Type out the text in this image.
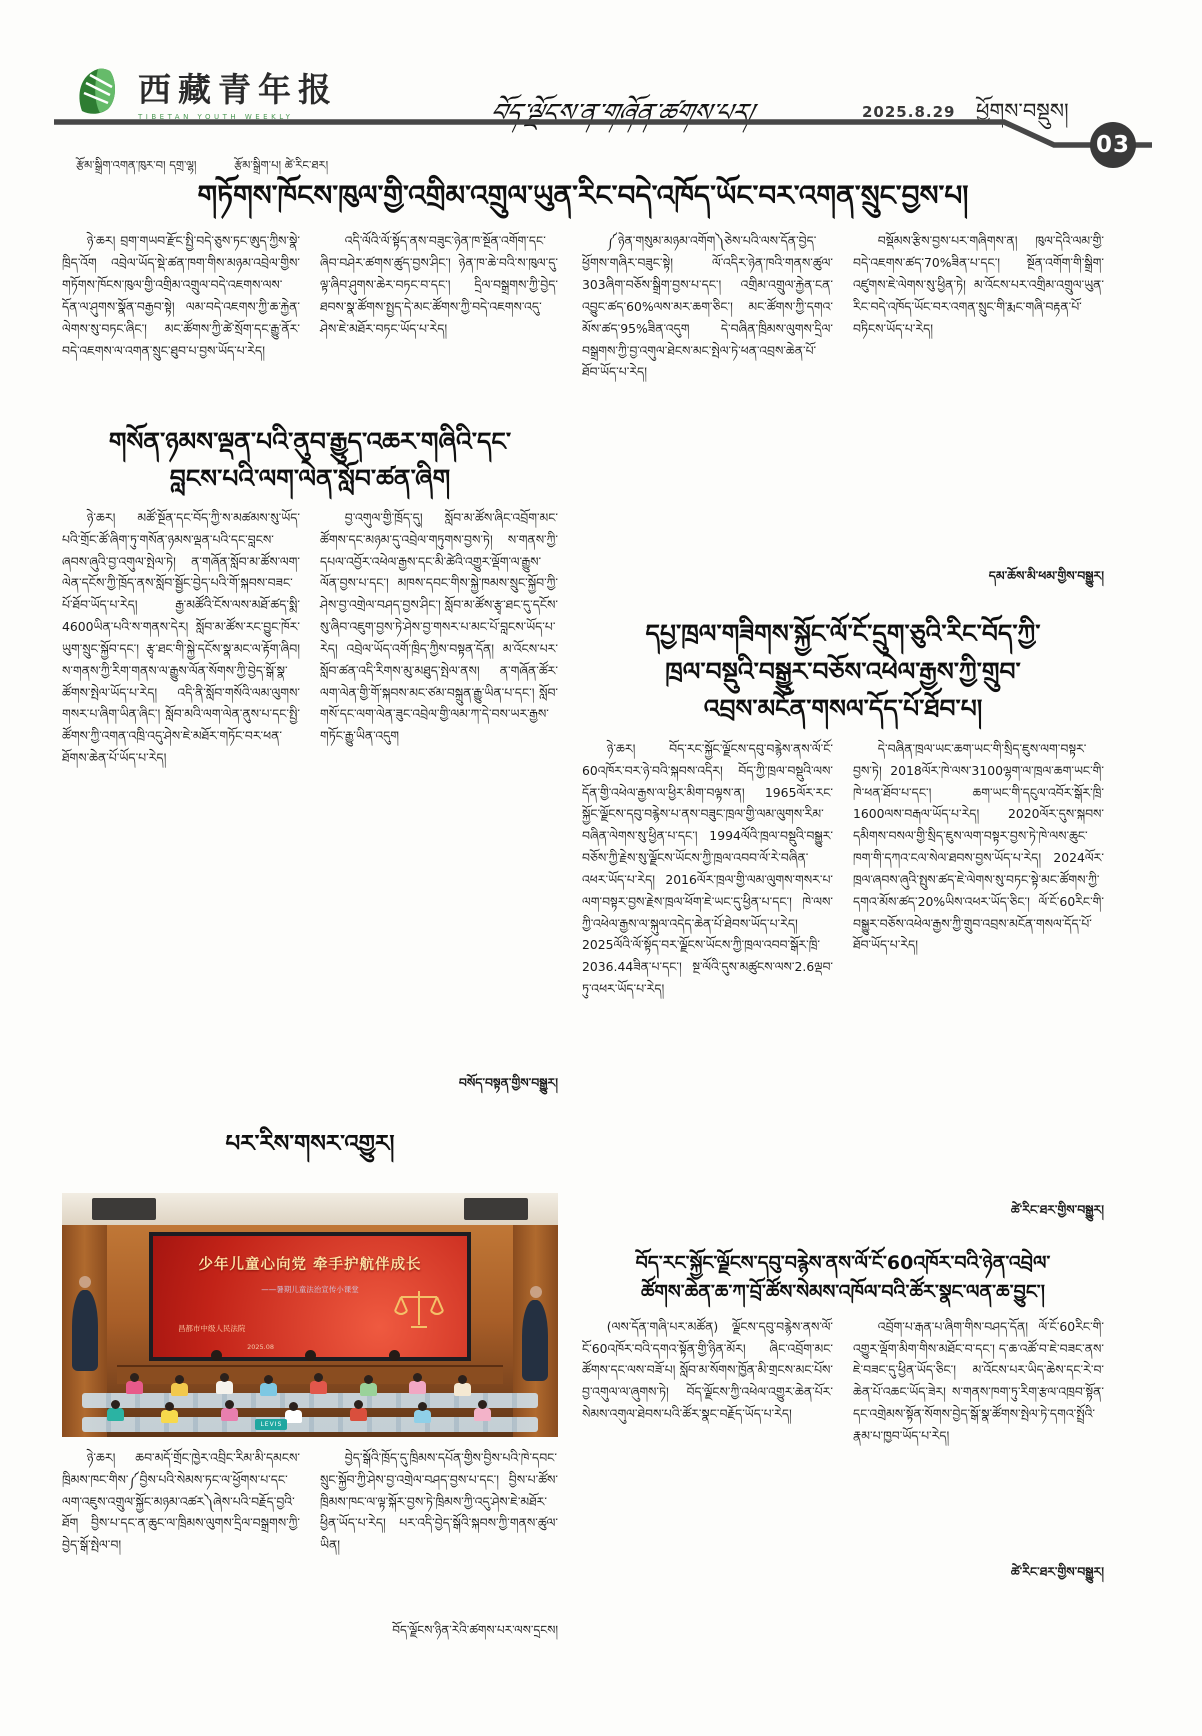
西藏青年报
TIBETAN YOUTH WEEKLY	བོད་ལྗོངས་ན་གཞོན་ཚགས་པར།	2025.8.29 ཕྱོགས་བསྡུས།
03
རྩོམ་སྒྲིག་འགན་ཁུར་བ། དགྲ་ལྷ།	རྩོམ་སྒྲིག་པ། ཚེ་རིང་ཐར།
གཏོགས་ཁོངས་ཁུལ་གྱི་འགྲིམ་འགྲུལ་ཡུན་རིང་བདེ་འཁོད་ཡོང་བར་འགན་སྲུང་བྱས་པ།

ཉེ་ཆར། བྲག་གཡབ་རྫོང་སྤྱི་བདེ་ཅུས་ཏང་ཨུད་ཀྱིས་སྣེ་ཁྲིད་འོག འབྲེལ་ཡོད་སྡེ་ཚན་ཁག་གིས་མཉམ་འབྲེལ་གྱིས་གཏོགས་ཁོངས་ཁུལ་གྱི་འགྲིམ་འགྲུལ་བདེ་འཇགས་ལས་དོན་ལ་ཤུགས་སྣོན་བརྒྱབ་སྟེ། ལམ་བདེ་འཇགས་ཀྱི་ཆ་རྐྱེན་ལེགས་སུ་བཏང་ཞིང་། མང་ཚོགས་ཀྱི་ཚེ་སྲོག་དང་རྒྱུ་ནོར་བདེ་འཇགས་ལ་འགན་སྲུང་ཐུབ་པ་བྱས་ཡོད་པ་རེད།

འདི་ལོའི་ལོ་སྟོད་ནས་བཟུང་ཉེན་ཁ་སྔོན་འགོག་དང་ཞིབ་བཤེར་ཚགས་ཚུད་བྱས་ཤིང་། ཉེན་ཁ་ཆེ་བའི་ས་ཁུལ་དུ་ལྟ་ཞིབ་ཤུགས་ཆེར་བཏང་བ་དང་། དྲིལ་བསྒྲགས་ཀྱི་བྱེད་ཐབས་སྣ་ཚོགས་སྤྱད་དེ་མང་ཚོགས་ཀྱི་བདེ་འཇགས་འདུ་ཤེས་ཇེ་མཐོར་བཏང་ཡོད་པ་རེད།

གསོན་ཉམས་ལྡན་པའི་ནུབ་རྒྱུད་འཆར་གཞིའི་དང་
བླངས་པའི་ལག་ལེན་སློབ་ཚན་ཞིག

ཉེ་ཆར། མཚོ་སྔོན་དང་བོད་ཀྱི་ས་མཚམས་སུ་ཡོད་པའི་གྲོང་ཚོ་ཞིག་ཏུ་གསོན་ཉམས་ལྡན་པའི་དང་བླངས་ཞབས་ཞུའི་བྱ་འགུལ་སྤེལ་ཏེ། ན་གཞོན་སློབ་མ་ཚོས་ལག་ལེན་དངོས་ཀྱི་ཁྲོད་ནས་སློབ་སྦྱོང་བྱེད་པའི་གོ་སྐབས་བཟང་པོ་ཐོབ་ཡོད་པ་རེད། རྒྱ་མཚོའི་ངོས་ལས་མཐོ་ཚད་སྨི་4600ཡིན་པའི་ས་གནས་དེར། སློབ་མ་ཚོས་རང་བྱུང་ཁོར་ཡུག་སྲུང་སྐྱོབ་དང་། རྩྭ་ཐང་གི་སྐྱེ་དངོས་སྣ་མང་ལ་རྟོག་ཞིབ། ས་གནས་ཀྱི་རིག་གནས་ལ་རྒྱུས་ལོན་སོགས་ཀྱི་བྱེད་སྒོ་སྣ་ཚོགས་སྤེལ་ཡོད་པ་རེད། འདི་ནི་སློབ་གསོའི་ལམ་ལུགས་གསར་པ་ཞིག་ཡིན་ཞིང་། སློབ་མའི་ལག་ལེན་ནུས་པ་དང་སྤྱི་ཚོགས་ཀྱི་འགན་འཁྲི་འདུ་ཤེས་ཇེ་མཐོར་གཏོང་བར་ཕན་ཐོགས་ཆེན་པོ་ཡོད་པ་རེད།

བྱ་འགུལ་གྱི་ཁྲོད་དུ། སློབ་མ་ཚོས་ཞིང་འབྲོག་མང་ཚོགས་དང་མཉམ་དུ་འབྲེལ་གཏུགས་བྱས་ཏེ། ས་གནས་ཀྱི་དཔལ་འབྱོར་འཕེལ་རྒྱས་དང་མི་ཚེའི་འགྱུར་ལྡོག་ལ་རྒྱུས་ལོན་བྱས་པ་དང་། མཁས་དབང་གིས་སྐྱེ་ཁམས་སྲུང་སྐྱོབ་ཀྱི་ཤེས་བྱ་འགྲེལ་བཤད་བྱས་ཤིང་། སློབ་མ་ཚོས་རྩྭ་ཐང་དུ་དངོས་སུ་ཞིབ་འཇུག་བྱས་ཏེ་ཤེས་བྱ་གསར་པ་མང་པོ་བླངས་ཡོད་པ་རེད། འབྲེལ་ཡོད་འགོ་ཁྲིད་ཀྱིས་བསྟན་དོན། མ་འོངས་པར་སློབ་ཚན་འདི་རིགས་མུ་མཐུད་སྤེལ་ནས། ན་གཞོན་ཚོར་ལག་ལེན་གྱི་གོ་སྐབས་མང་ཙམ་བསྐྲུན་རྒྱུ་ཡིན་པ་དང་། སློབ་གསོ་དང་ལག་ལེན་ཟུང་འབྲེལ་གྱི་ལམ་ཀ་དེ་བས་ཡར་རྒྱས་གཏོང་རྒྱུ་ཡིན་འདུག

བསོད་བསྟན་གྱིས་བསྒྱུར།
པར་རིས་གསར་འགྱུར།
少年儿童心向党 牵手护航伴成长
——暑期儿童法治宣传小课堂
昌都市中级人民法院
2025.08
LEVIS

ཉེ་ཆར། ཆབ་མདོ་གྲོང་ཁྱེར་འབྲིང་རིམ་མི་དམངས་ཁྲིམས་ཁང་གིས་༼བྱིས་པའི་སེམས་ཏང་ལ་ཕྱོགས་པ་དང་ལག་འཇུས་འགྲུལ་སྐྱོང་མཉམ་འཚར༽ཞེས་པའི་བརྗོད་བྱའི་ཐོག བྱིས་པ་དང་ན་ཆུང་ལ་ཁྲིམས་ལུགས་དྲིལ་བསྒྲགས་ཀྱི་བྱེད་སྒོ་སྤེལ་བ།

བྱེད་སྒོའི་ཁྲོད་དུ་ཁྲིམས་དཔོན་གྱིས་བྱིས་པའི་ཁེ་དབང་སྲུང་སྐྱོབ་ཀྱི་ཤེས་བྱ་འགྲེལ་བཤད་བྱས་པ་དང་། བྱིས་པ་ཚོས་ཁྲིམས་ཁང་ལ་ལྟ་སྐོར་བྱས་ཏེ་ཁྲིམས་ཀྱི་འདུ་ཤེས་ཇེ་མཐོར་ཕྱིན་ཡོད་པ་རེད། པར་འདི་བྱེད་སྒོའི་སྐབས་ཀྱི་གནས་ཚུལ་ཡིན།

བོད་ལྗོངས་ཉིན་རེའི་ཚགས་པར་ལས་དྲངས།

༼ཉེན་གསུམ་མཉམ་འགོག༽ཅེས་པའི་ལས་དོན་བྱེད་ཕྱོགས་གཞིར་བཟུང་སྟེ། ལོ་འདིར་ཉེན་ཁའི་གནས་ཚུལ་303ཞིག་བཅོས་སྒྲིག་བྱས་པ་དང་། འགྲིམ་འགྲུལ་རྐྱེན་ངན་འབྱུང་ཚད་60%ལས་མར་ཆག་ཅིང་། མང་ཚོགས་ཀྱི་དགའ་མོས་ཚད་95%ཟིན་འདུག དེ་བཞིན་ཁྲིམས་ལུགས་དྲིལ་བསྒྲགས་ཀྱི་བྱ་འགུལ་ཐེངས་མང་སྤེལ་ཏེ་ཕན་འབྲས་ཆེན་པོ་ཐོབ་ཡོད་པ་རེད།

བསྡོམས་རྩིས་བྱས་པར་གཞིགས་ན། ཁུལ་དེའི་ལམ་གྱི་བདེ་འཇགས་ཚད་70%ཟིན་པ་དང་། སྔོན་འགོག་གི་སྒྲིག་འཛུགས་ཇེ་ལེགས་སུ་ཕྱིན་ཏེ། མ་འོངས་པར་འགྲིམ་འགྲུལ་ཡུན་རིང་བདེ་འཁོད་ཡོང་བར་འགན་སྲུང་གི་རྨང་གཞི་བརྟན་པོ་བཏིངས་ཡོད་པ་རེད།

དམ་ཆོས་མི་ཕམ་གྱིས་བསྒྱུར།
དཔྱ་ཁྲལ་གཟིགས་སྐྱོང་ལོ་ངོ་དྲུག་ཅུའི་རིང་བོད་ཀྱི་
ཁྲལ་བསྡུའི་བསྒྱུར་བཅོས་འཕེལ་རྒྱས་ཀྱི་གྲུབ་
འབྲས་མངོན་གསལ་དོད་པོ་ཐོབ་པ།

ཉེ་ཆར། བོད་རང་སྐྱོང་ལྗོངས་དབུ་བརྙེས་ནས་ལོ་ངོ་60འཁོར་བར་ཉེ་བའི་སྐབས་འདིར། བོད་ཀྱི་ཁྲལ་བསྡུའི་ལས་དོན་གྱི་འཕེལ་རྒྱས་ལ་ཕྱིར་མིག་བལྟས་ན། 1965ལོར་རང་སྐྱོང་ལྗོངས་དབུ་བརྙེས་པ་ནས་བཟུང་ཁྲལ་གྱི་ལམ་ལུགས་རིམ་བཞིན་ལེགས་སུ་ཕྱིན་པ་དང་། 1994ལོའི་ཁྲལ་བསྡུའི་བསྒྱུར་བཅོས་ཀྱི་རྗེས་སུ་ལྗོངས་ཡོངས་ཀྱི་ཁྲལ་འབབ་ལོ་རེ་བཞིན་འཕར་ཡོད་པ་རེད། 2016ལོར་ཁྲལ་གྱི་ལམ་ལུགས་གསར་པ་ལག་བསྟར་བྱས་རྗེས་ཁྲལ་ཕོག་ཇེ་ཡང་དུ་ཕྱིན་པ་དང་། ཁེ་ལས་ཀྱི་འཕེལ་རྒྱས་ལ་སྐུལ་འདེད་ཆེན་པོ་ཐེབས་ཡོད་པ་རེད། 2025ལོའི་ལོ་སྟོད་བར་ལྗོངས་ཡོངས་ཀྱི་ཁྲལ་འབབ་སྒོར་ཁྲི་2036.44ཟིན་པ་དང་། སྔ་ལོའི་དུས་མཚུངས་ལས་2.6ལྡབ་ཏུ་འཕར་ཡོད་པ་རེད།

དེ་བཞིན་ཁྲལ་ཡང་ཆག་ཡང་གི་སྲིད་ཇུས་ལག་བསྟར་བྱས་ཏེ། 2018ལོར་ཁེ་ལས་3100ལྷག་ལ་ཁྲལ་ཆག་ཡང་གི་ཁེ་ཕན་ཐོབ་པ་དང་། ཆག་ཡང་གི་དངུལ་འབོར་སྒོར་ཁྲི་1600ལས་བརྒལ་ཡོད་པ་རེད། 2020ལོར་དུས་སྐབས་དམིགས་བསལ་གྱི་སྲིད་ཇུས་ལག་བསྟར་བྱས་ཏེ་ཁེ་ལས་ཆུང་ཁག་གི་དཀའ་ངལ་སེལ་ཐབས་བྱས་ཡོད་པ་རེད། 2024ལོར་ཁྲལ་ཞབས་ཞུའི་སྤུས་ཚད་ཇེ་ལེགས་སུ་བཏང་སྟེ་མང་ཚོགས་ཀྱི་དགའ་མོས་ཚད་20%ཡིས་འཕར་ཡོད་ཅིང་། ལོ་ངོ་60རིང་གི་བསྒྱུར་བཅོས་འཕེལ་རྒྱས་ཀྱི་གྲུབ་འབྲས་མངོན་གསལ་དོད་པོ་ཐོབ་ཡོད་པ་རེད།

ཚེ་རིང་ཐར་གྱིས་བསྒྱུར།
བོད་རང་སྐྱོང་ལྗོངས་དབུ་བརྙེས་ནས་ལོ་ངོ་60འཁོར་བའི་ཉེན་འབྲེལ་
ཚོགས་ཆེན་ཆ་ཀ་བྲོ་ཚོས་སེམས་འཁོལ་བའི་ཚོར་སྣང་ལན་ཆ་བྱུང་།

(ལས་དོན་གཞི་པར་མཚོན) ལྗོངས་དབུ་བརྙེས་ནས་ལོ་ངོ་60འཁོར་བའི་དགའ་སྟོན་གྱི་ཉིན་མོར། ཞིང་འབྲོག་མང་ཚོགས་དང་ལས་བཟོ་པ། སློབ་མ་སོགས་ཁྱོན་མི་གྲངས་མང་པོས་བྱ་འགུལ་ལ་ཞུགས་ཏེ། བོད་ལྗོངས་ཀྱི་འཕེལ་འགྱུར་ཆེན་པོར་སེམས་འགུལ་ཐེབས་པའི་ཚོར་སྣང་བརྗོད་ཡོད་པ་རེད།

འབྲོག་པ་རྒན་པ་ཞིག་གིས་བཤད་དོན། ལོ་ངོ་60རིང་གི་འགྱུར་ལྡོག་མིག་གིས་མཐོང་བ་དང་། ད་ཆ་འཚོ་བ་ཇེ་བཟང་ནས་ཇེ་བཟང་དུ་ཕྱིན་ཡོད་ཅིང་། མ་འོངས་པར་ཡིད་ཆེས་དང་རེ་བ་ཆེན་པོ་འཆང་ཡོད་ཟེར། ས་གནས་ཁག་ཏུ་རིག་རྩལ་འཁྲབ་སྟོན་དང་འགྲེམས་སྟོན་སོགས་བྱེད་སྒོ་སྣ་ཚོགས་སྤེལ་ཏེ་དགའ་སྤྲོའི་རྣམ་པ་ཁྱབ་ཡོད་པ་རེད།

ཚེ་རིང་ཐར་གྱིས་བསྒྱུར།
